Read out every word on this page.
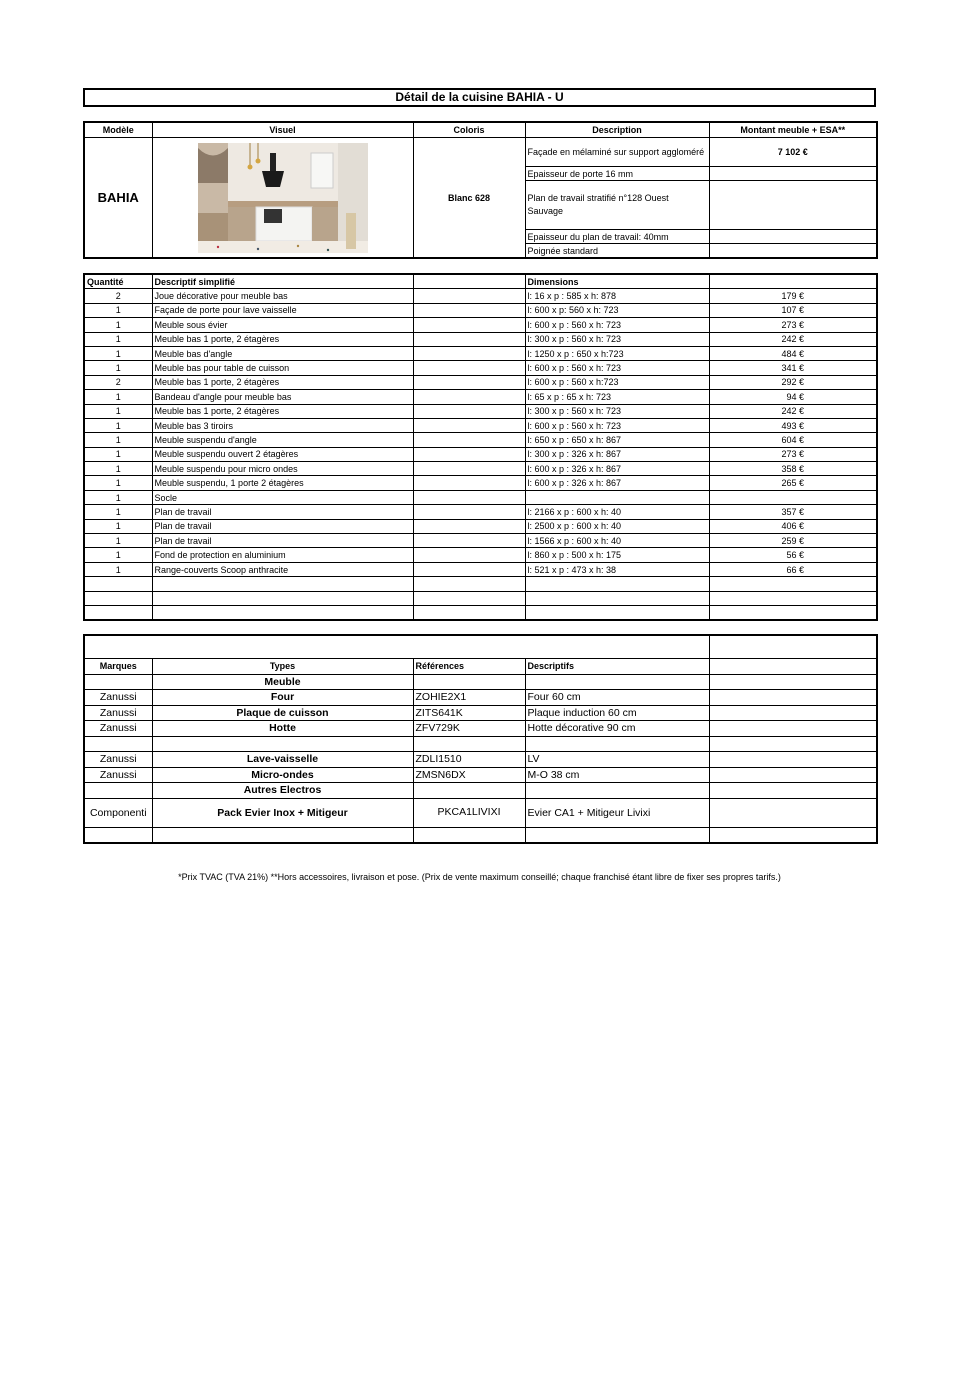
Détail de la cuisine BAHIA - U
Modèle	Visuel	Coloris	Description	Montant meuble + ESA**
BAHIA		Blanc 628	Façade en mélaminé sur support aggloméré	7 102 €
			Epaisseur de porte 16 mm	
			Plan de travail stratifié n°128 Ouest Sauvage	
			Epaisseur du plan de travail: 40mm	
			Poignée standard	
Quantité	Descriptif simplifié		Dimensions	
2	Joue décorative pour meuble bas		l: 16 x p : 585 x h: 878	179 €
1	Façade de porte pour lave vaisselle		l: 600 x p: 560 x h: 723	107 €
1	Meuble sous évier		l: 600 x p : 560 x h: 723	273 €
1	Meuble bas 1 porte, 2 étagères		l: 300 x p : 560 x h: 723	242 €
1	Meuble bas d'angle		l: 1250 x p : 650 x h:723	484 €
1	Meuble bas pour table de cuisson		l: 600 x p : 560 x h: 723	341 €
2	Meuble bas 1 porte, 2 étagères		l: 600 x p : 560 x h:723	292 €
1	Bandeau d'angle pour meuble bas		l: 65 x p : 65 x h: 723	94 €
1	Meuble bas 1 porte, 2 étagères		l: 300 x p : 560 x h: 723	242 €
1	Meuble bas 3 tiroirs		l: 600 x p : 560 x h: 723	493 €
1	Meuble suspendu d'angle		l: 650 x p : 650 x h: 867	604 €
1	Meuble suspendu ouvert 2 étagères		l: 300 x p : 326 x h: 867	273 €
1	Meuble suspendu pour micro ondes		l: 600 x p : 326 x h: 867	358 €
1	Meuble suspendu, 1 porte 2 étagères		l: 600 x p : 326 x h: 867	265 €
1	Socle			
1	Plan de travail		l: 2166 x p : 600 x h: 40	357 €
1	Plan de travail		l: 2500 x p : 600 x h: 40	406 €
1	Plan de travail		l: 1566 x p : 600 x h: 40	259 €
1	Fond de protection en aluminium		l: 860 x p : 500 x h: 175	56 €
1	Range-couverts Scoop anthracite		l: 521 x p : 473 x h: 38	66 €

Marques	Types	Références	Descriptifs	
	Meuble			
Zanussi	Four	ZOHIE2X1	Four 60 cm	
Zanussi	Plaque de cuisson	ZITS641K	Plaque induction 60 cm	
Zanussi	Hotte	ZFV729K	Hotte décorative 90 cm	

Zanussi	Lave-vaisselle	ZDLI1510	LV	
Zanussi	Micro-ondes	ZMSN6DX	M-O 38 cm	
	Autres Electros			
Componenti	Pack Evier Inox + Mitigeur	PKCA1LIVIXI	Evier CA1 + Mitigeur Livixi	

*Prix TVAC (TVA 21%) **Hors accessoires, livraison et pose. (Prix de vente maximum conseillé; chaque franchisé étant libre de fixer ses propres tarifs.)
